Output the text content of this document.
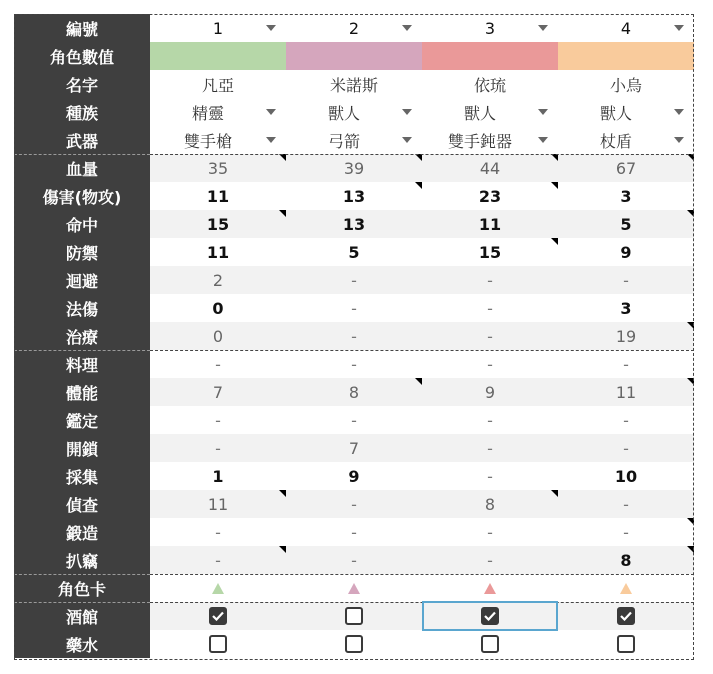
編號
角色數值
名字
種族
武器
血量
傷害(物攻)
命中
防禦
迴避
法傷
治療
料理
體能
鑑定
開鎖
採集
偵查
鍛造
扒竊
角色卡
酒館
藥水
1
凡亞
精靈
雙手槍
35
11
15
11
2
0
0
-
7
-
-
1
11
-
-
2
米諾斯
獸人
弓箭
39
13
13
5
-
-
-
-
8
-
7
9
-
-
-
3
依琉
獸人
雙手鈍器
44
23
11
15
-
-
-
-
9
-
-
-
8
-
-
4
小烏
獸人
杖盾
67
3
5
9
-
3
19
-
11
-
-
10
-
-
8
